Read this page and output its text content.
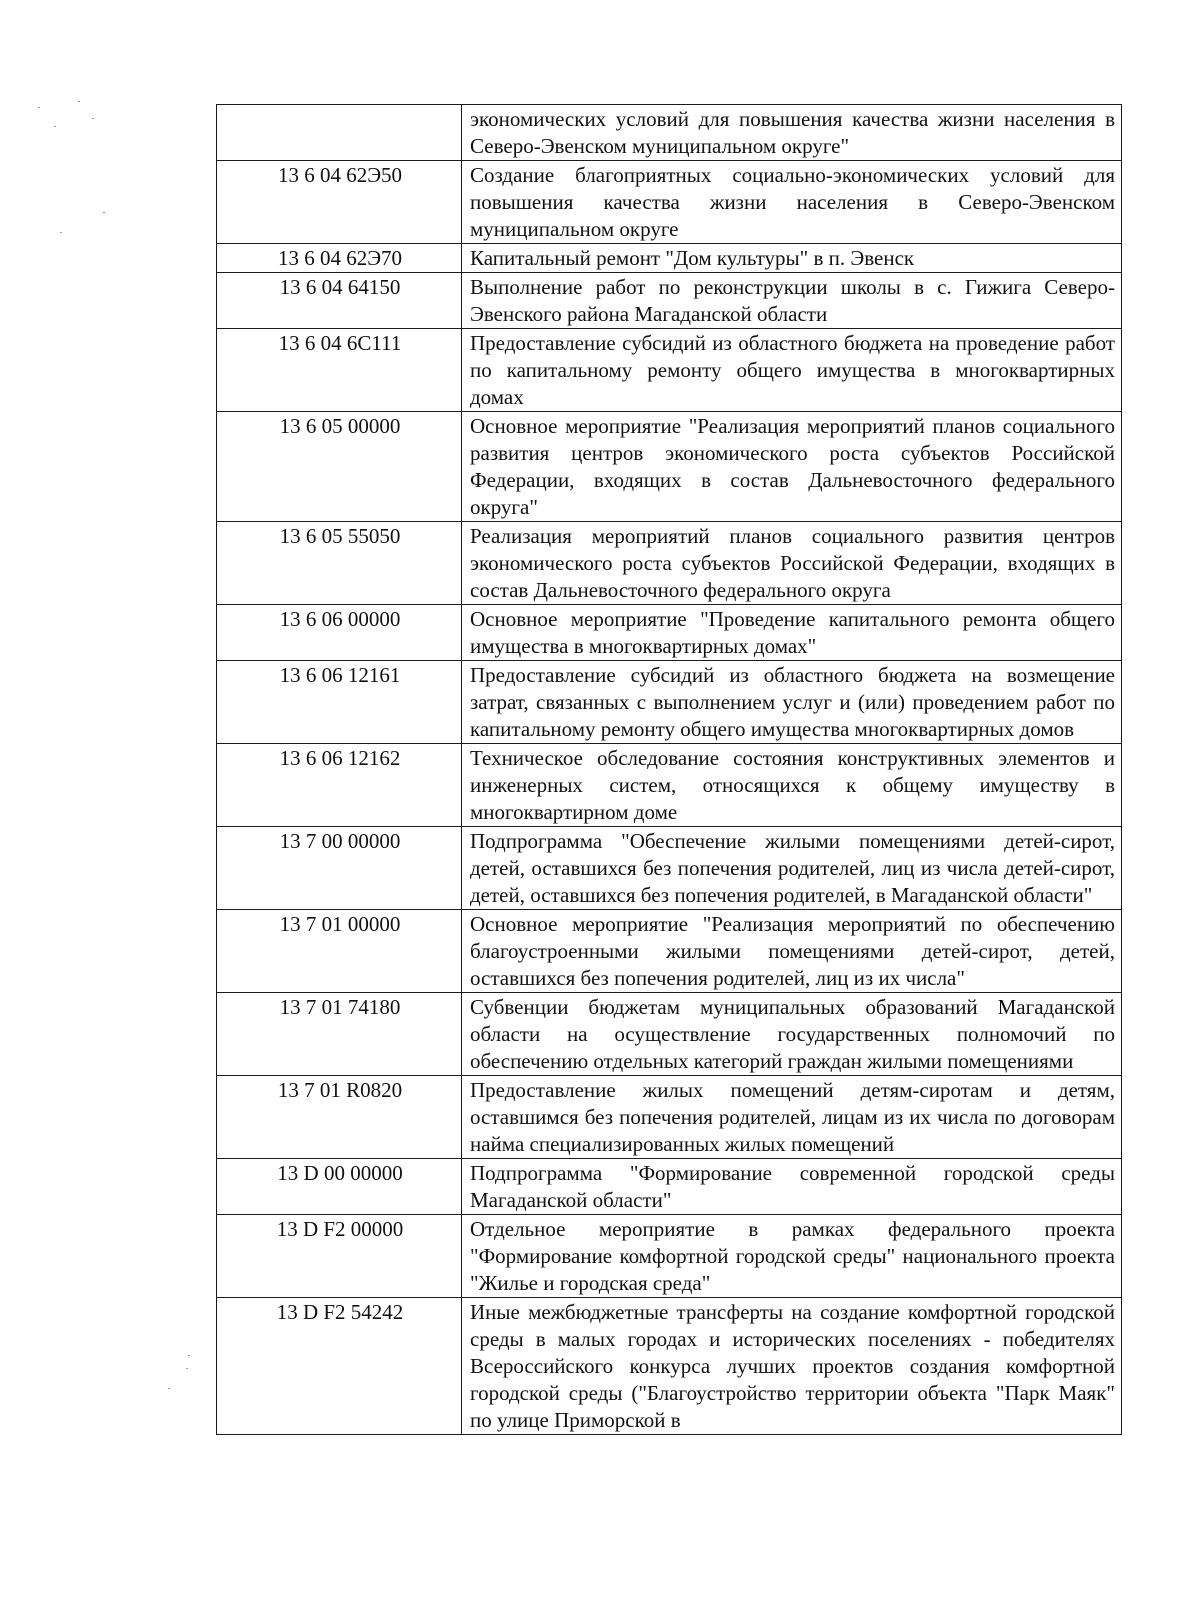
	экономических условий для повышения качества жизни населения в Северо-Эвенском муниципальном округе"
13 6 04 62Э50	Создание благоприятных социально-экономических условий для повышения качества жизни населения в Северо-Эвенском муниципальном округе
13 6 04 62Э70	Капитальный ремонт "Дом культуры" в п. Эвенск
13 6 04 64150	Выполнение работ по реконструкции школы в с. Гижига Северо-Эвенского района Магаданской области
13 6 04 6С111	Предоставление субсидий из областного бюджета на проведение работ по капитальному ремонту общего имущества в многоквартирных домах
13 6 05 00000	Основное мероприятие "Реализация мероприятий планов социального развития центров экономического роста субъектов Российской Федерации, входящих в состав Дальневосточного федерального округа"
13 6 05 55050	Реализация мероприятий планов социального развития центров экономического роста субъектов Российской Федерации, входящих в состав Дальневосточного федерального округа
13 6 06 00000	Основное мероприятие "Проведение капитального ремонта общего имущества в многоквартирных домах"
13 6 06 12161	Предоставление субсидий из областного бюджета на возмещение затрат, связанных с выполнением услуг и (или) проведением работ по капитальному ремонту общего имущества многоквартирных домов
13 6 06 12162	Техническое обследование состояния конструктивных элементов и инженерных систем, относящихся к общему имуществу в многоквартирном доме
13 7 00 00000	Подпрограмма "Обеспечение жилыми помещениями детей-сирот, детей, оставшихся без попечения родителей, лиц из числа детей-сирот, детей, оставшихся без попечения родителей, в Магаданской области"
13 7 01 00000	Основное мероприятие "Реализация мероприятий по обеспечению благоустроенными жилыми помещениями детей-сирот, детей, оставшихся без попечения родителей, лиц из их числа"
13 7 01 74180	Субвенции бюджетам муниципальных образований Магаданской области на осуществление государственных полномочий по обеспечению отдельных категорий граждан жилыми помещениями
13 7 01 R0820	Предоставление жилых помещений детям-сиротам и детям, оставшимся без попечения родителей, лицам из их числа по договорам найма специализированных жилых помещений
13 D 00 00000	Подпрограмма "Формирование современной городской среды Магаданской области"
13 D F2 00000	Отдельное мероприятие в рамках федерального проекта "Формирование комфортной городской среды" национального проекта "Жилье и городская среда"
13 D F2 54242	Иные межбюджетные трансферты на создание комфортной городской среды в малых городах и исторических поселениях - победителях Всероссийского конкурса лучших проектов создания комфортной городской среды ("Благоустройство территории объекта "Парк Маяк" по улице Приморской в
